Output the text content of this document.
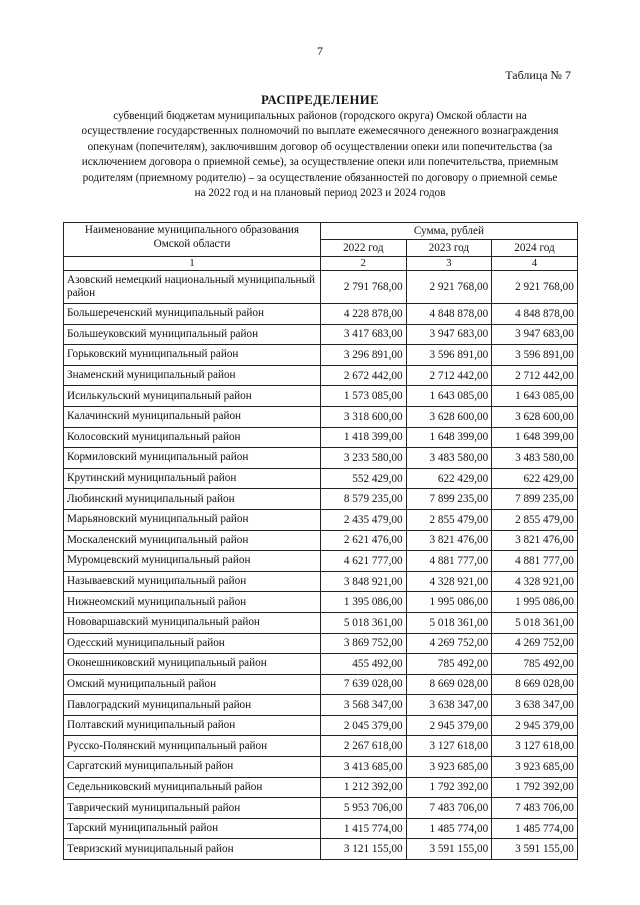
7
Таблица № 7
РАСПРЕДЕЛЕНИЕ
субвенций бюджетам муниципальных районов (городского округа) Омской области на осуществление государственных полномочий по выплате ежемесячного денежного вознаграждения опекунам (попечителям), заключившим договор об осуществлении опеки или попечительства (за исключением договора о приемной семье), за осуществление опеки или попечительства, приемным родителям (приемному родителю) – за осуществление обязанностей по договору о приемной семье на 2022 год и на плановый период 2023 и 2024 годов
Наименование муниципального образования Омской области	Сумма, рублей		
	2022 год	2023 год	2024 год
1	2	3	4
Азовский немецкий национальный муниципальный район	2 791 768,00	2 921 768,00	2 921 768,00
Большереченский муниципальный район	4 228 878,00	4 848 878,00	4 848 878,00
Большеуковский муниципальный район	3 417 683,00	3 947 683,00	3 947 683,00
Горьковский муниципальный район	3 296 891,00	3 596 891,00	3 596 891,00
Знаменский муниципальный район	2 672 442,00	2 712 442,00	2 712 442,00
Исилькульский муниципальный район	1 573 085,00	1 643 085,00	1 643 085,00
Калачинский муниципальный район	3 318 600,00	3 628 600,00	3 628 600,00
Колосовский муниципальный район	1 418 399,00	1 648 399,00	1 648 399,00
Кормиловский муниципальный район	3 233 580,00	3 483 580,00	3 483 580,00
Крутинский муниципальный район	552 429,00	622 429,00	622 429,00
Любинский муниципальный район	8 579 235,00	7 899 235,00	7 899 235,00
Марьяновский муниципальный район	2 435 479,00	2 855 479,00	2 855 479,00
Москаленский муниципальный район	2 621 476,00	3 821 476,00	3 821 476,00
Муромцевский муниципальный район	4 621 777,00	4 881 777,00	4 881 777,00
Называевский муниципальный район	3 848 921,00	4 328 921,00	4 328 921,00
Нижнеомский муниципальный район	1 395 086,00	1 995 086,00	1 995 086,00
Нововаршавский муниципальный район	5 018 361,00	5 018 361,00	5 018 361,00
Одесский муниципальный район	3 869 752,00	4 269 752,00	4 269 752,00
Оконешниковский муниципальный район	455 492,00	785 492,00	785 492,00
Омский муниципальный район	7 639 028,00	8 669 028,00	8 669 028,00
Павлоградский муниципальный район	3 568 347,00	3 638 347,00	3 638 347,00
Полтавский муниципальный район	2 045 379,00	2 945 379,00	2 945 379,00
Русско-Полянский муниципальный район	2 267 618,00	3 127 618,00	3 127 618,00
Саргатский муниципальный район	3 413 685,00	3 923 685,00	3 923 685,00
Седельниковский муниципальный район	1 212 392,00	1 792 392,00	1 792 392,00
Таврический муниципальный район	5 953 706,00	7 483 706,00	7 483 706,00
Тарский муниципальный район	1 415 774,00	1 485 774,00	1 485 774,00
Тевризский муниципальный район	3 121 155,00	3 591 155,00	3 591 155,00
